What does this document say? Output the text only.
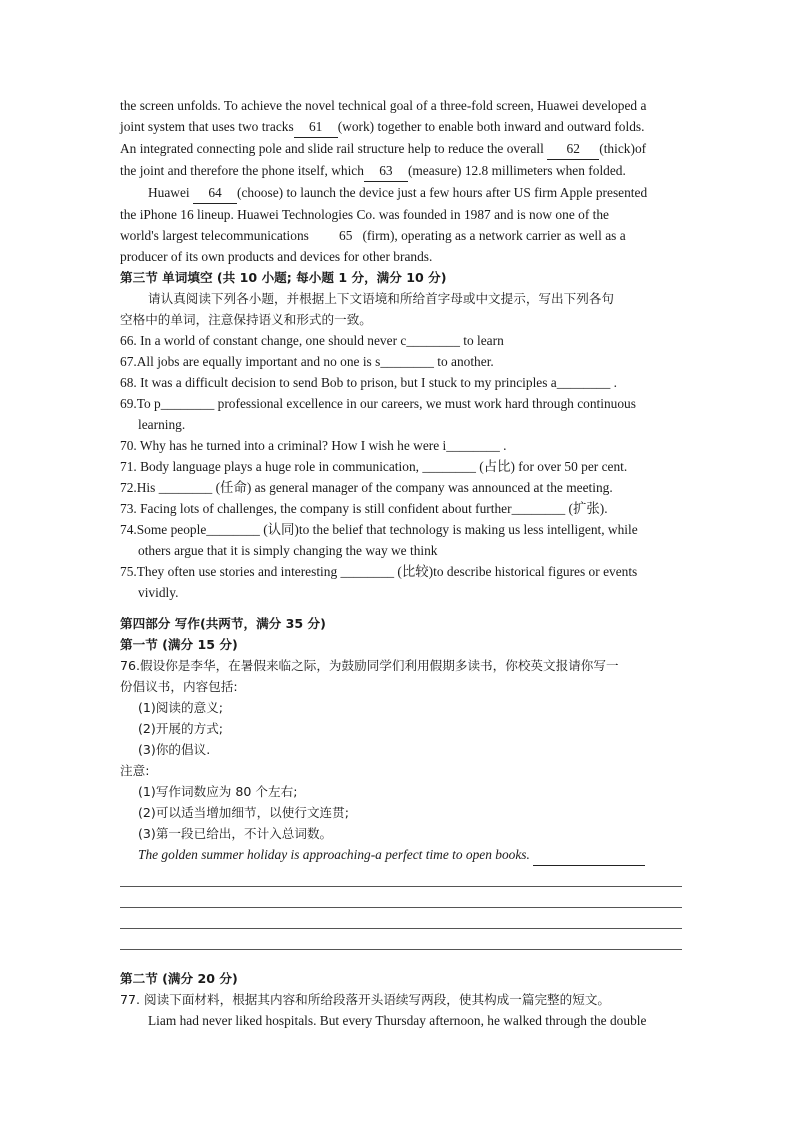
the screen unfolds. To achieve the novel technical goal of a three-fold screen, Huawei developed a
joint system that uses two tracks 61 (work) together to enable both inward and outward folds.
An integrated connecting pole and slide rail structure help to reduce the overall 62 (thick)of
the joint and therefore the phone itself, which 63 (measure) 12.8 millimeters when folded.
Huawei 64 (choose) to launch the device just a few hours after US firm Apple presented
the iPhone 16 lineup. Huawei Technologies Co. was founded in 1987 and is now one of the
world's largest telecommunications 65 (firm), operating as a network carrier as well as a
producer of its own products and devices for other brands.
第三节 单词填空 (共 10 小题; 每小题 1 分，满分 10 分)
请认真阅读下列各小题，并根据上下文语境和所给首字母或中文提示，写出下列各句
空格中的单词，注意保持语义和形式的一致。
66. In a world of constant change, one should never c________ to learn
67.All jobs are equally important and no one is s________ to another.
68. It was a difficult decision to send Bob to prison, but I stuck to my principles a________ .
69.To p________ professional excellence in our careers, we must work hard through continuous
learning.
70. Why has he turned into a criminal? How I wish he were i________ .
71. Body language plays a huge role in communication, ________ (占比) for over 50 per cent.
72.His ________ (任命) as general manager of the company was announced at the meeting.
73. Facing lots of challenges, the company is still confident about further________ (扩张).
74.Some people________ (认同)to the belief that technology is making us less intelligent, while
others argue that it is simply changing the way we think
75.They often use stories and interesting ________ (比较)to describe historical figures or events
vividly.
第四部分 写作(共两节，满分 35 分)
第一节 (满分 15 分)
76.假设你是李华，在暑假来临之际，为鼓励同学们利用假期多读书，你校英文报请你写一
份倡议书，内容包括:
(1)阅读的意义;
(2)开展的方式;
(3)你的倡议.
注意:
(1)写作词数应为 80 个左右;
(2)可以适当增加细节，以使行文连贯;
(3)第一段已给出，不计入总词数。
The golden summer holiday is approaching-a perfect time to open books.
第二节 (满分 20 分)
77. 阅读下面材料，根据其内容和所给段落开头语续写两段，使其构成一篇完整的短文。
Liam had never liked hospitals. But every Thursday afternoon, he walked through the double
